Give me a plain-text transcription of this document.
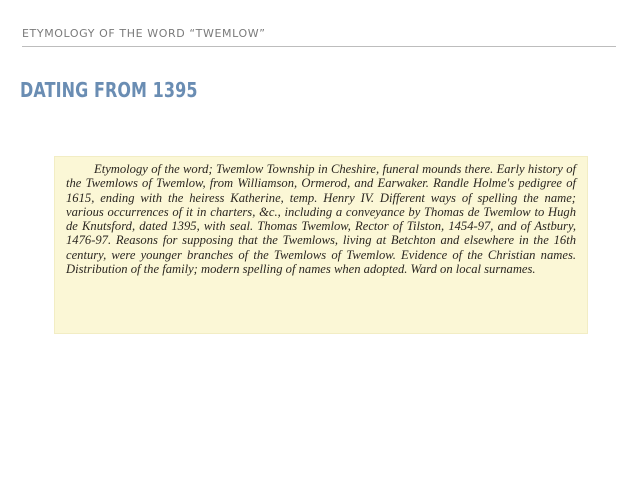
ETYMOLOGY OF THE WORD “TWEMLOW”
DATING FROM 1395

Etymology of the word; Twemlow Township in Cheshire, funeral mounds there. Early history of the Twemlows of Twemlow, from Williamson, Ormerod, and Earwaker. Randle Holme's pedigree of 1615, ending with the heiress Katherine, temp. Henry IV. Different ways of spelling the name; various occurrences of it in charters, &c., including a conveyance by Thomas de Twemlow to Hugh de Knutsford, dated 1395, with seal. Thomas Twemlow, Rector of Tilston, 1454-97, and of Astbury, 1476-97. Reasons for supposing that the Twemlows, living at Betchton and elsewhere in the 16th century, were younger branches of the Twemlows of Twemlow. Evidence of the Christian names. Distribution of the family; modern spelling of names when adopted. Ward on local surnames.
